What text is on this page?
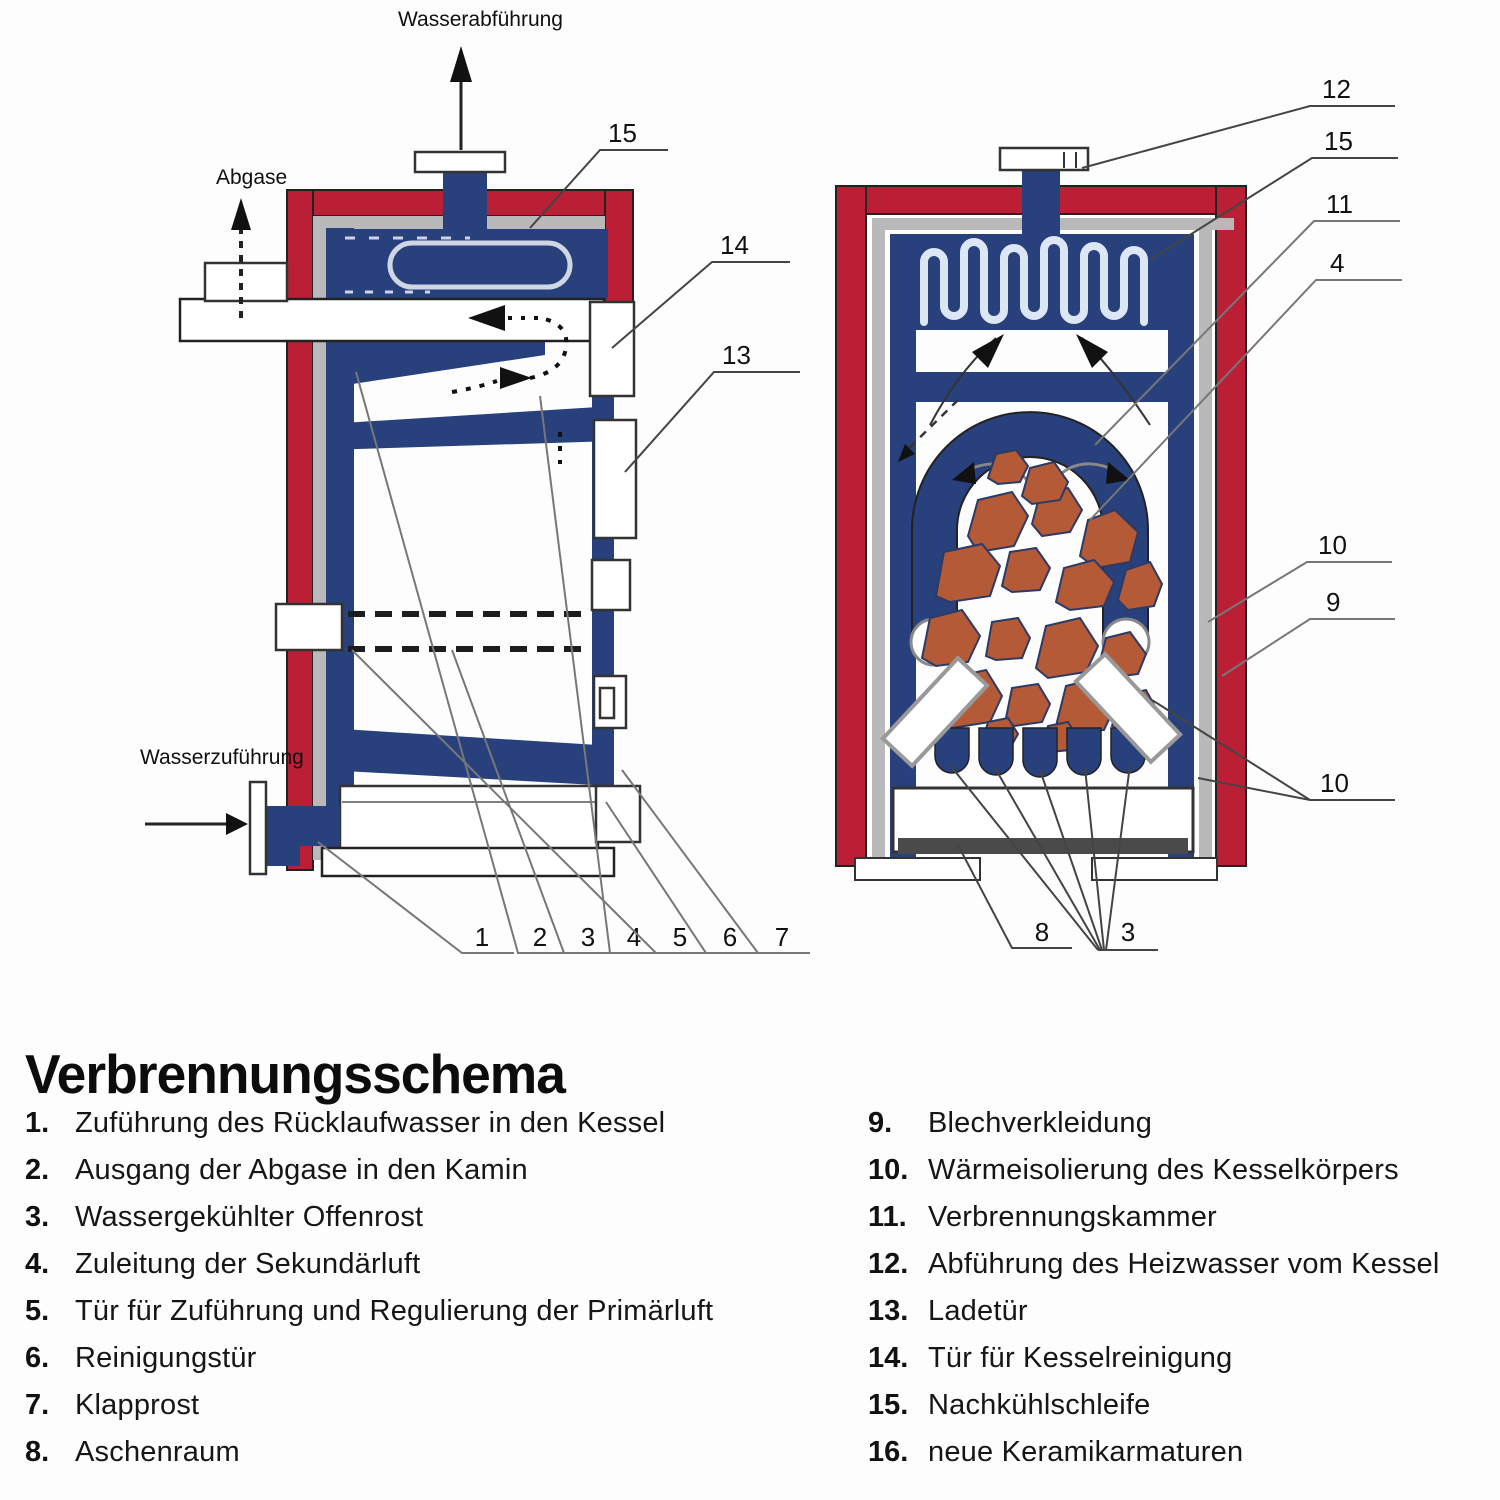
Wasserabführung
Abgase
Wasserzuführung
15
14
13
1 2 3 4 5 6 7
12
15
11
4
10
9
10
8	3
Verbrennungsschema
1. Zuführung des Rücklaufwasser in den Kessel
2. Ausgang der Abgase in den Kamin
3. Wassergekühlter Offenrost
4. Zuleitung der Sekundärluft
5. Tür für Zuführung und Regulierung der Primärluft
6. Reinigungstür
7. Klapprost
8. Aschenraum
9.	Blechverkleidung
10. Wärmeisolierung des Kesselkörpers
11. Verbrennungskammer
12. Abführung des Heizwasser vom Kessel
13. Ladetür
14. Tür für Kesselreinigung
15. Nachkühlschleife
16. neue Keramikarmaturen
